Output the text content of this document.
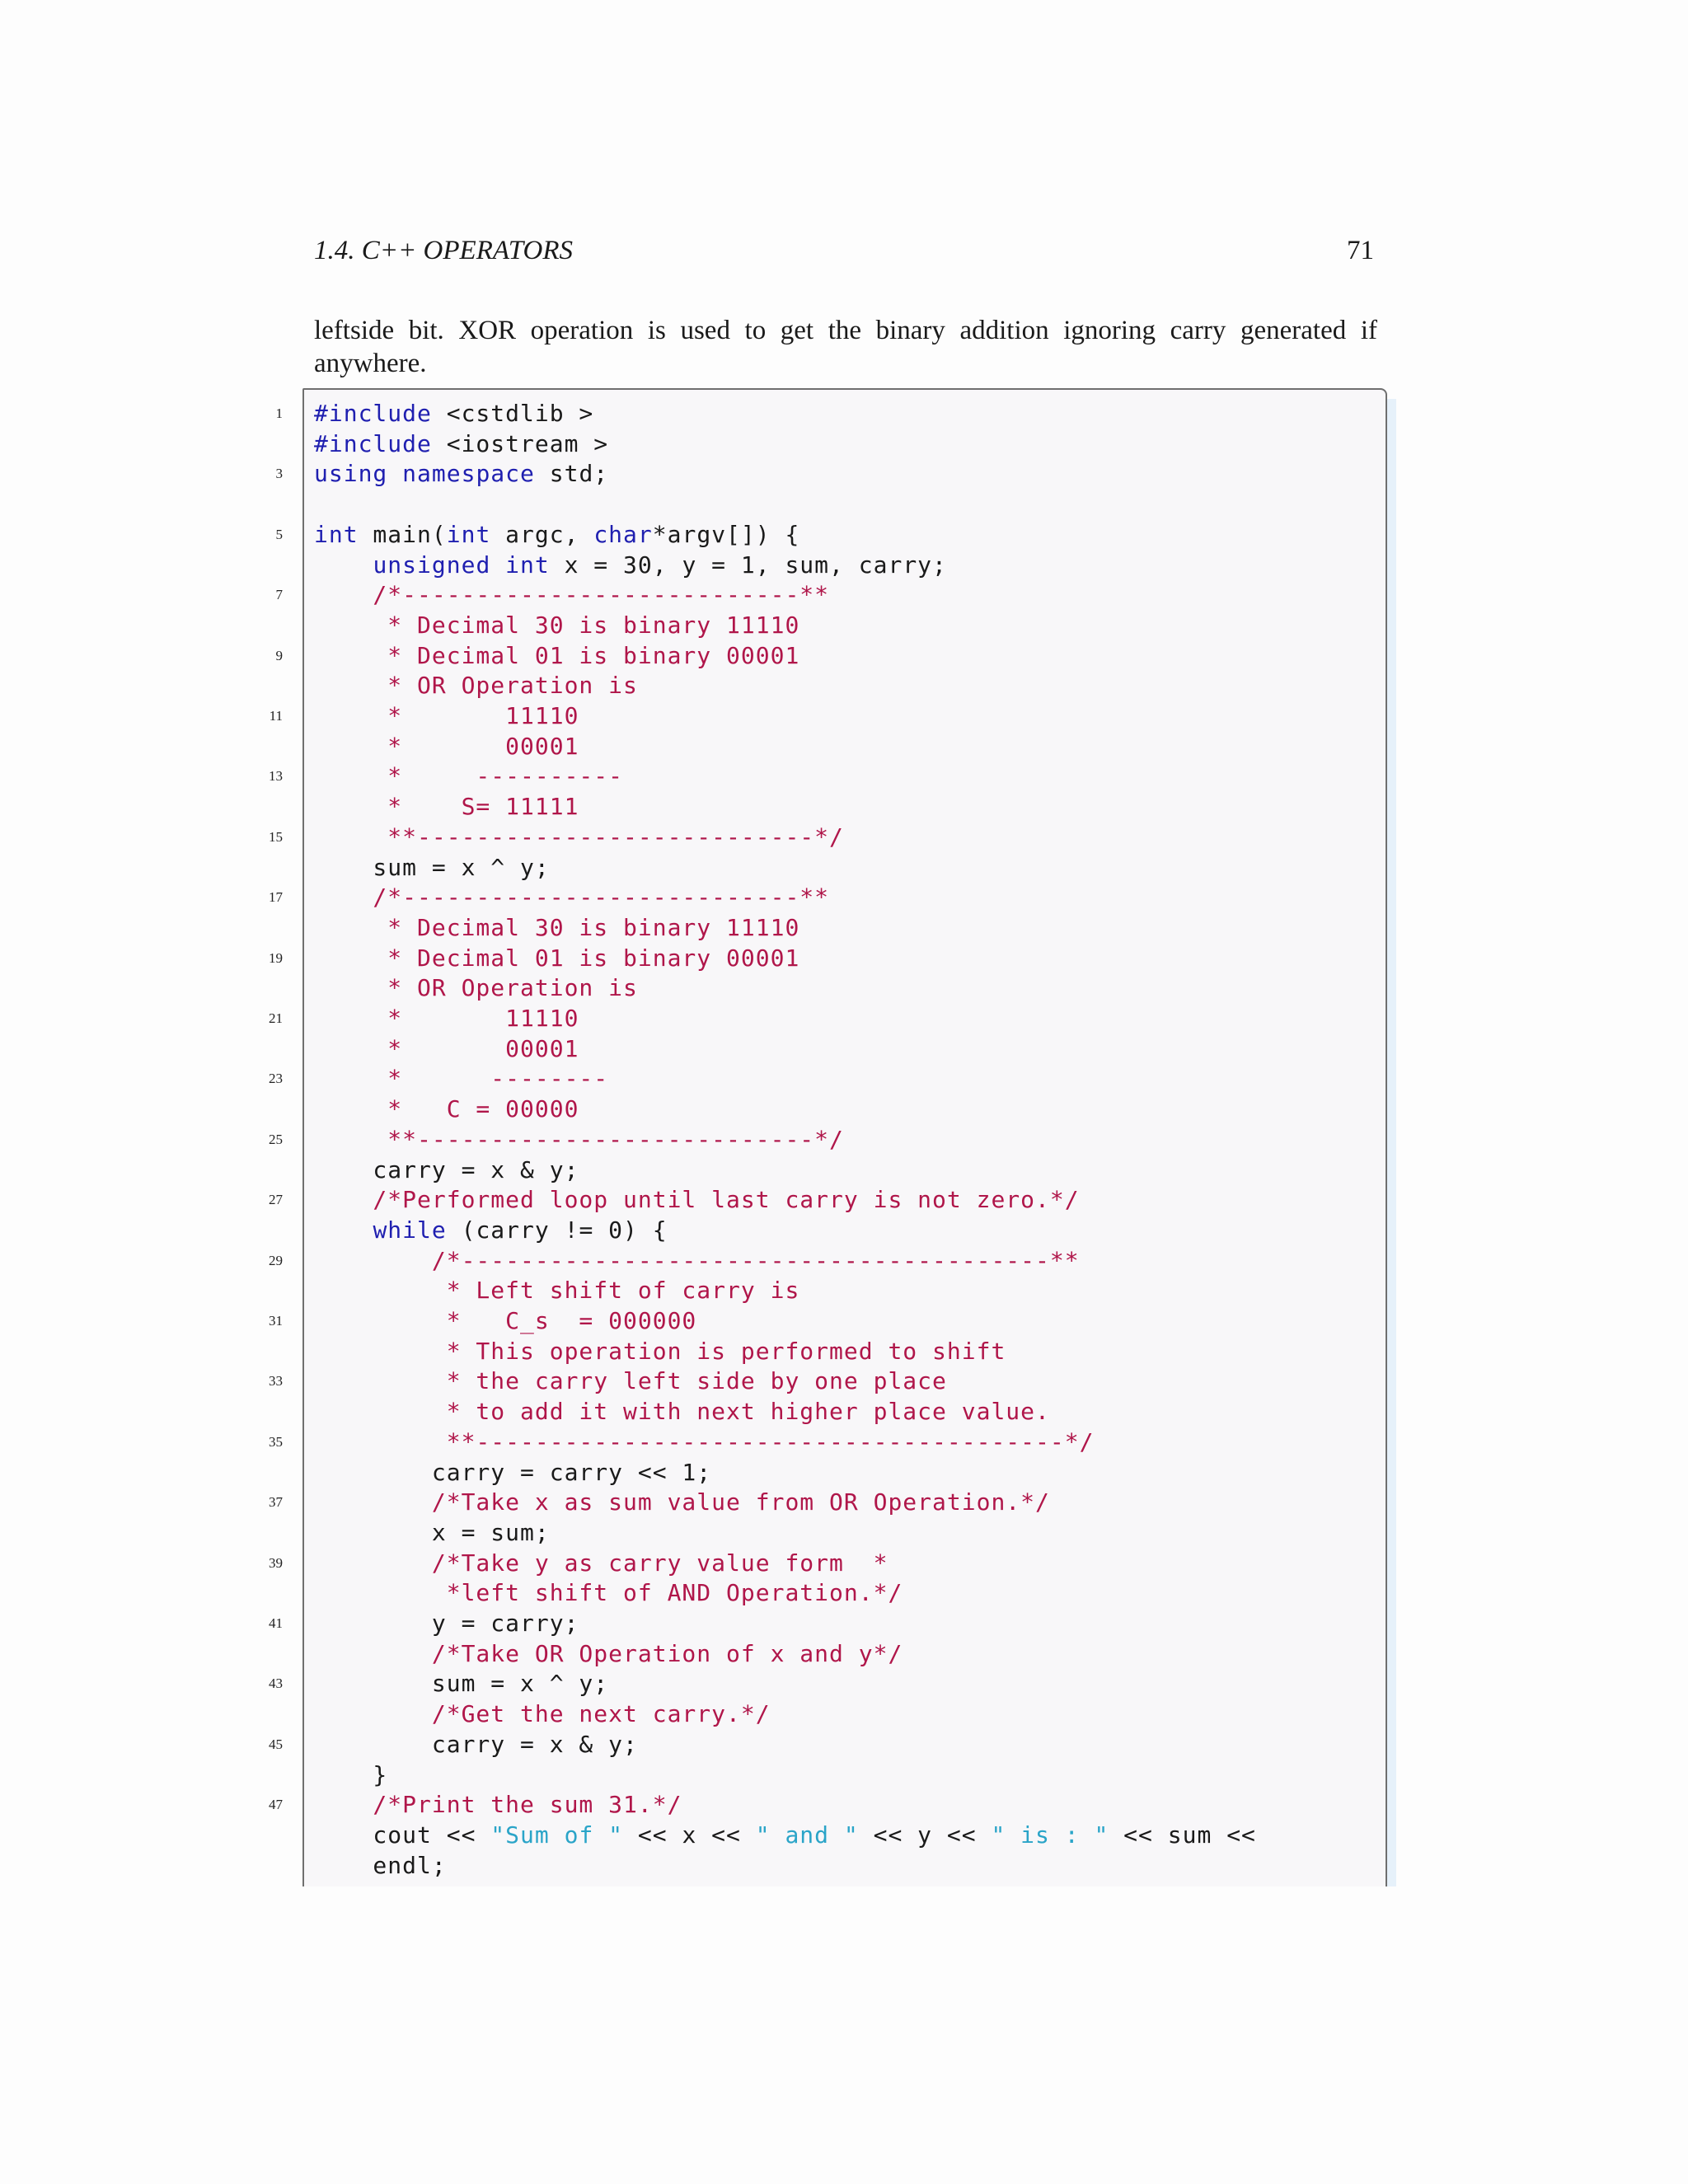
1.4. C++ OPERATORS	71
leftside bit. XOR operation is used to get the binary addition ignoring carry generated if anywhere.
1 #include <cstdlib >
#include <iostream >
3 using namespace std;
5 int main(int argc, char*argv[]) {
unsigned int x = 30, y = 1, sum, carry;
7 /*---------------------------**
* Decimal 30 is binary 11110
9 * Decimal 01 is binary 00001
* OR Operation is
11 *       11110
*       00001
13 *     ----------
*    S= 11111
15 **---------------------------*/
sum = x ^ y;
17 /*---------------------------**
* Decimal 30 is binary 11110
19 * Decimal 01 is binary 00001
* OR Operation is
21 *       11110
*       00001
23 *      --------
*   C = 00000
25 **---------------------------*/
carry = x & y;
27 /*Performed loop until last carry is not zero.*/
while (carry != 0) {
29 /*----------------------------------------**
* Left shift of carry is
31 *   C_s  = 000000
* This operation is performed to shift
33 * the carry left side by one place
* to add it with next higher place value.
35 **----------------------------------------*/
carry = carry << 1;
37 /*Take x as sum value from OR Operation.*/
x = sum;
39 /*Take y as carry value form  *
*left shift of AND Operation.*/
41 y = carry;
/*Take OR Operation of x and y*/
43 sum = x ^ y;
/*Get the next carry.*/
45 carry = x & y;
}
47 /*Print the sum 31.*/
cout << "Sum of " << x << " and " << y << " is : " << sum <<
endl;
